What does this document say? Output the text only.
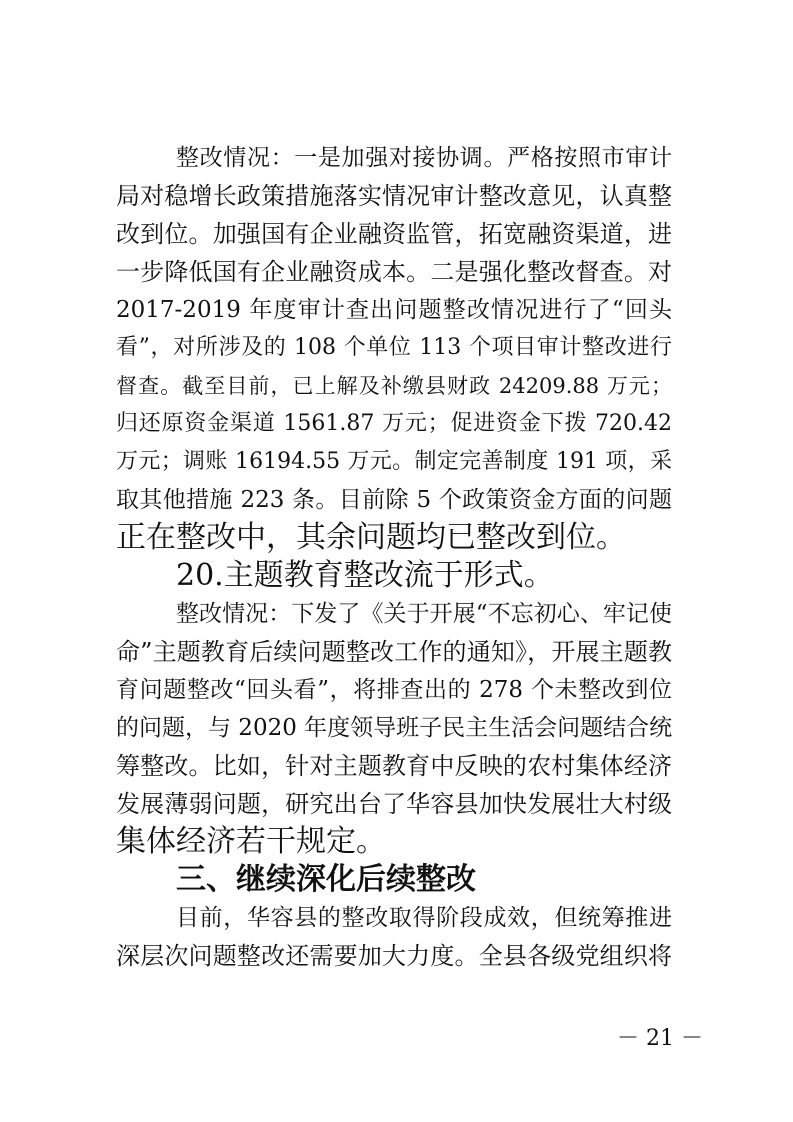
整改情况：一是加强对接协调。严格按照市审计
局对稳增长政策措施落实情况审计整改意见，认真整
改到位。加强国有企业融资监管，拓宽融资渠道，进
一步降低国有企业融资成本。二是强化整改督查。对
2017-2019 年度审计查出问题整改情况进行了“回头
看”，对所涉及的 108 个单位 113 个项目审计整改进行
督查。截至目前，已上解及补缴县财政 24209.88 万元；
归还原资金渠道 1561.87 万元；促进资金下拨 720.42
万元；调账 16194.55 万元。制定完善制度 191 项，采
取其他措施 223 条。目前除 5 个政策资金方面的问题
正在整改中，其余问题均已整改到位。
20.主题教育整改流于形式。
整改情况：下发了《关于开展“不忘初心、牢记使
命”主题教育后续问题整改工作的通知》，开展主题教
育问题整改“回头看”，将排查出的 278 个未整改到位
的问题，与 2020 年度领导班子民主生活会问题结合统
筹整改。比如，针对主题教育中反映的农村集体经济
发展薄弱问题，研究出台了华容县加快发展壮大村级
集体经济若干规定。
三、继续深化后续整改
目前，华容县的整改取得阶段成效，但统筹推进
深层次问题整改还需要加大力度。全县各级党组织将
－ 21 －
